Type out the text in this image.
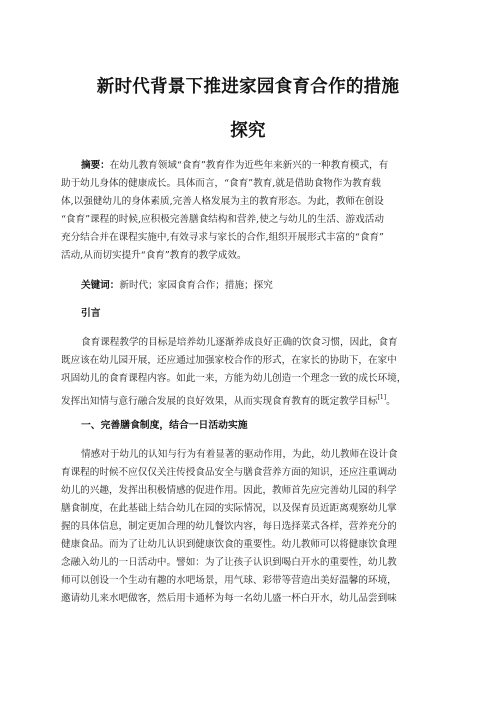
新时代背景下推进家园食育合作的措施
探究
摘要：在幼儿教育领域“食育”教育作为近些年来新兴的一种教育模式，有
助于幼儿身体的健康成长。具体而言，“食育”教育,就是借助食物作为教育载
体,以强健幼儿的身体素质,完善人格发展为主的教育形态。为此，教师在创设
“食育”课程的时候,应积极完善膳食结构和营养,使之与幼儿的生活、游戏活动
充分结合并在课程实施中,有效寻求与家长的合作,组织开展形式丰富的“食育”
活动,从而切实提升“食育”教育的教学成效。
关键词：新时代；家园食育合作；措施；探究
引言
食育课程教学的目标是培养幼儿逐渐养成良好正确的饮食习惯，因此，食育
既应该在幼儿园开展，还应通过加强家校合作的形式，在家长的协助下，在家中
巩固幼儿的食育课程内容。如此一来，方能为幼儿创造一个理念一致的成长环境，
发挥出知情与意行融合发展的良好效果，从而实现食育教育的既定教学目标[1]。
一、完善膳食制度，结合一日活动实施
情感对于幼儿的认知与行为有着显著的驱动作用，为此，幼儿教师在设计食
育课程的时候不应仅仅关注传授食品安全与膳食营养方面的知识，还应注重调动
幼儿的兴趣，发挥出积极情感的促进作用。因此，教师首先应完善幼儿园的科学
膳食制度，在此基础上结合幼儿在园的实际情况，以及保育员近距离观察幼儿掌
握的具体信息，制定更加合理的幼儿餐饮内容，每日选择菜式各样，营养充分的
健康食品。而为了让幼儿认识到健康饮食的重要性。幼儿教师可以将健康饮食理
念融入幼儿的一日活动中。譬如：为了让孩子认识到喝白开水的重要性，幼儿教
师可以创设一个生动有趣的水吧场景，用气球、彩带等营造出美好温馨的环境，
邀请幼儿来水吧做客，然后用卡通杯为每一名幼儿盛一杯白开水，幼儿品尝到味
